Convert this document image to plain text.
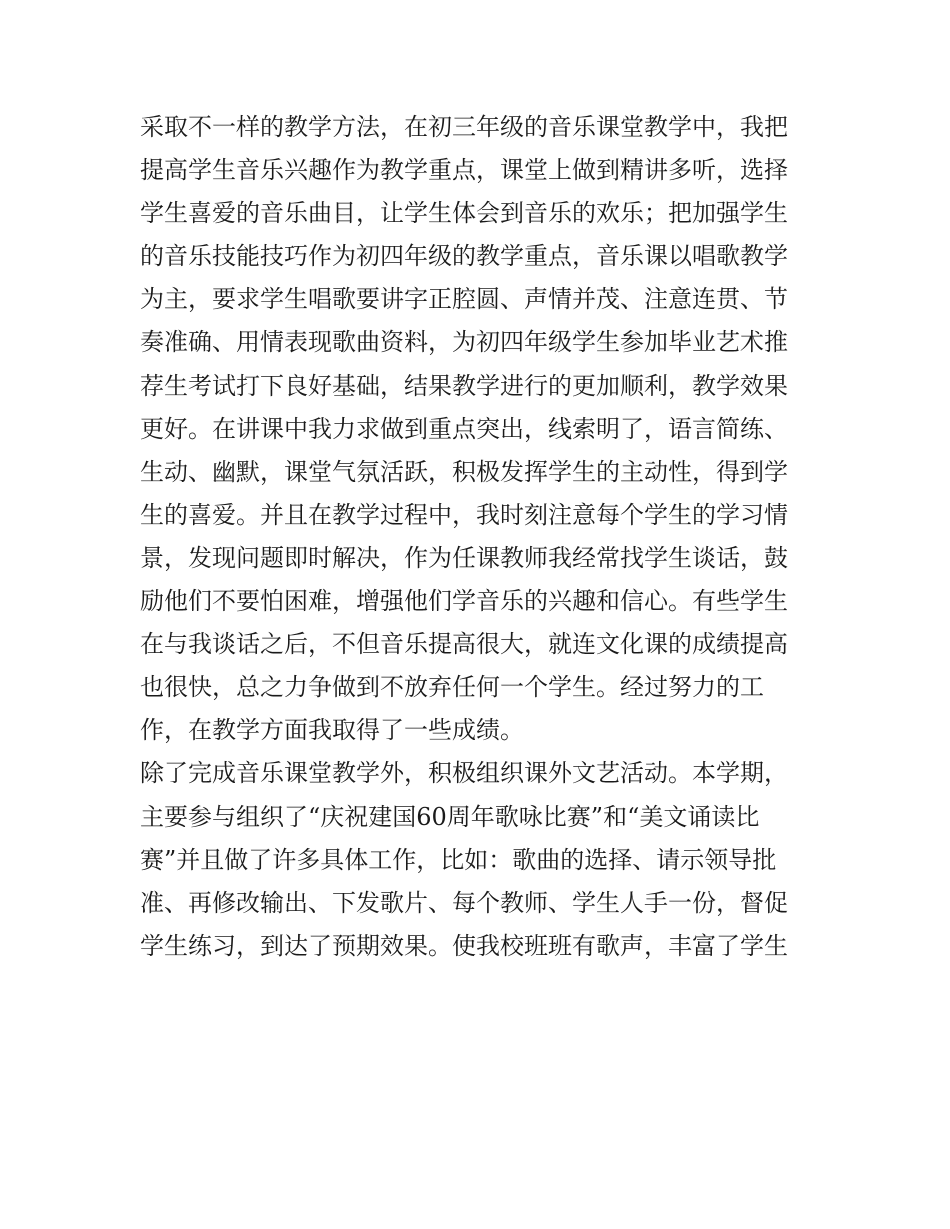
采取不一样的教学方法，在初三年级的音乐课堂教学中，我把
提高学生音乐兴趣作为教学重点，课堂上做到精讲多听，选择
学生喜爱的音乐曲目，让学生体会到音乐的欢乐；把加强学生
的音乐技能技巧作为初四年级的教学重点，音乐课以唱歌教学
为主，要求学生唱歌要讲字正腔圆、声情并茂、注意连贯、节
奏准确、用情表现歌曲资料，为初四年级学生参加毕业艺术推
荐生考试打下良好基础，结果教学进行的更加顺利，教学效果
更好。在讲课中我力求做到重点突出，线索明了，语言简练、
生动、幽默，课堂气氛活跃，积极发挥学生的主动性，得到学
生的喜爱。并且在教学过程中，我时刻注意每个学生的学习情
景，发现问题即时解决，作为任课教师我经常找学生谈话，鼓
励他们不要怕困难，增强他们学音乐的兴趣和信心。有些学生
在与我谈话之后，不但音乐提高很大，就连文化课的成绩提高
也很快，总之力争做到不放弃任何一个学生。经过努力的工
作，在教学方面我取得了一些成绩。
除了完成音乐课堂教学外，积极组织课外文艺活动。本学期，
主要参与组织了“庆祝建国60周年歌咏比赛”和“美文诵读比
赛”并且做了许多具体工作，比如：歌曲的选择、请示领导批
准、再修改输出、下发歌片、每个教师、学生人手一份，督促
学生练习，到达了预期效果。使我校班班有歌声，丰富了学生
